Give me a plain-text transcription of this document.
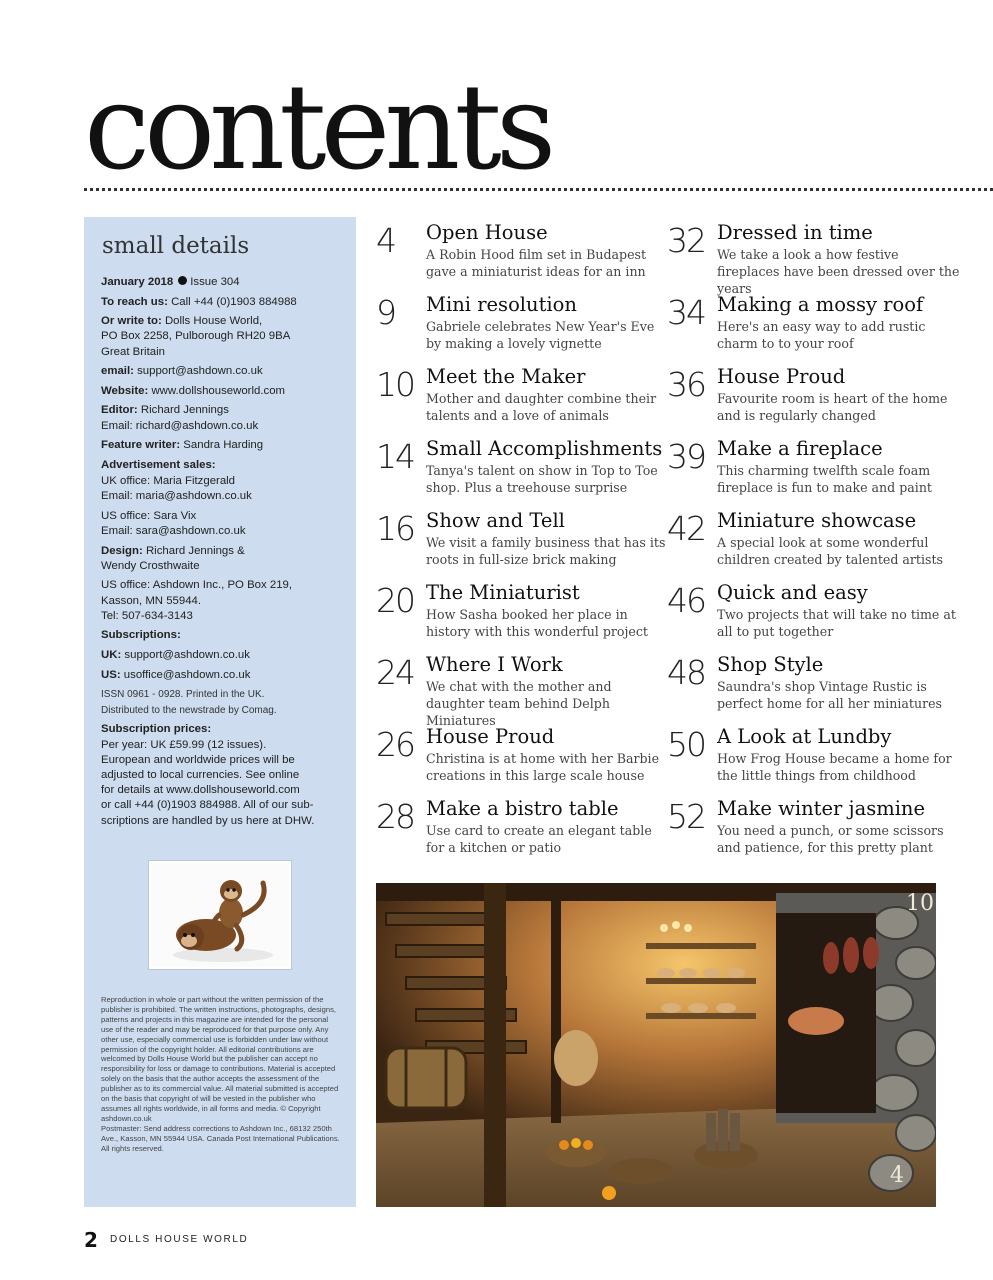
contents
small details

January 2018 Issue 304

To reach us: Call +44 (0)1903 884988

Or write to: Dolls House World,
PO Box 2258, Pulborough RH20 9BA
Great Britain

email: support@ashdown.co.uk

Website: www.dollshouseworld.com

Editor: Richard Jennings
Email: richard@ashdown.co.uk

Feature writer: Sandra Harding

Advertisement sales:

UK office: Maria Fitzgerald
Email: maria@ashdown.co.uk

US office: Sara Vix
Email: sara@ashdown.co.uk

Design: Richard Jennings &
Wendy Crosthwaite

US office: Ashdown Inc., PO Box 219,
Kasson, MN 55944.
Tel: 507-634-3143

Subscriptions:

UK: support@ashdown.co.uk

US: usoffice@ashdown.co.uk

ISSN 0961 - 0928. Printed in the UK.
Distributed to the newstrade by Comag.

Subscription prices:
Per year: UK £59.99 (12 issues).
European and worldwide prices will be
adjusted to local currencies. See online
for details at www.dollshouseworld.com
or call +44 (0)1903 884988. All of our sub-
scriptions are handled by us here at DHW.

Reproduction in whole or part without the written permission of the publisher is prohibited. The written instructions, photographs, designs, patterns and projects in this magazine are intended for the personal use of the reader and may be reproduced for that purpose only. Any other use, especially commercial use is forbidden under law without permission of the copyright holder. All editorial contributions are welcomed by Dolls House World but the publisher can accept no responsibility for loss or damage to contributions. Material is accepted solely on the basis that the author accepts the assessment of the publisher as to its commercial value. All material submitted is accepted on the basis that copyright of will be vested in the publisher who assumes all rights worldwide, in all forms and media. © Copyright ashdown.co.uk
Postmaster: Send address corrections to Ashdown Inc., 68132 250th Ave., Kasson, MN 55944 USA. Canada Post International Publications. All rights reserved.
4	Open House
A Robin Hood film set in Budapest gave a miniaturist ideas for an inn
9	Mini resolution
Gabriele celebrates New Year's Eve by making a lovely vignette
10 Meet the Maker
Mother and daughter combine their talents and a love of animals
14 Small Accomplishments
Tanya's talent on show in Top to Toe shop. Plus a treehouse surprise
16 Show and Tell
We visit a family business that has its roots in full-size brick making
20 The Miniaturist
How Sasha booked her place in history with this wonderful project
24 Where I Work
We chat with the mother and daughter team behind Delph Miniatures
26 House Proud
Christina is at home with her Barbie creations in this large scale house
28 Make a bistro table
Use card to create an elegant table for a kitchen or patio
32 Dressed in time
We take a look a how festive fireplaces have been dressed over the years
34 Making a mossy roof
Here's an easy way to add rustic charm to to your roof
36 House Proud
Favourite room is heart of the home and is regularly changed
39 Make a fireplace
This charming twelfth scale foam fireplace is fun to make and paint
42 Miniature showcase
A special look at some wonderful children created by talented artists
46 Quick and easy
Two projects that will take no time at all to put together
48 Shop Style
Saundra's shop Vintage Rustic is perfect home for all her miniatures
50 A Look at Lundby
How Frog House became a home for the little things from childhood
52 Make winter jasmine
You need a punch, or some scissors and patience, for this pretty plant
10
4
2 DOLLS HOUSE WORLD
